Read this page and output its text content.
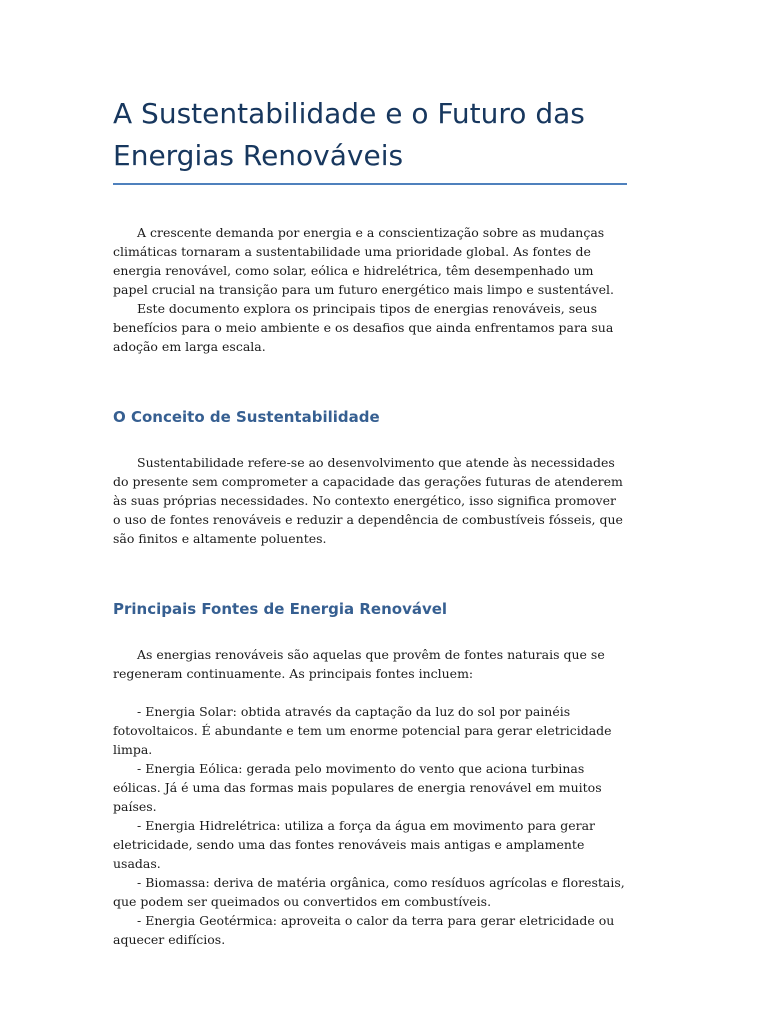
A Sustentabilidade e o Futuro das Energias Renováveis

A crescente demanda por energia e a conscientização sobre as mudanças climáticas tornaram a sustentabilidade uma prioridade global. As fontes de energia renovável, como solar, eólica e hidrelétrica, têm desempenhado um papel crucial na transição para um futuro energético mais limpo e sustentável.

Este documento explora os principais tipos de energias renováveis, seus benefícios para o meio ambiente e os desafios que ainda enfrentamos para sua adoção em larga escala.

O Conceito de Sustentabilidade

Sustentabilidade refere-se ao desenvolvimento que atende às necessidades do presente sem comprometer a capacidade das gerações futuras de atenderem às suas próprias necessidades. No contexto energético, isso significa promover o uso de fontes renováveis e reduzir a dependência de combustíveis fósseis, que são finitos e altamente poluentes.

Principais Fontes de Energia Renovável

As energias renováveis são aquelas que provêm de fontes naturais que se regeneram continuamente. As principais fontes incluem:

- Energia Solar: obtida através da captação da luz do sol por painéis fotovoltaicos. É abundante e tem um enorme potencial para gerar eletricidade limpa.

- Energia Eólica: gerada pelo movimento do vento que aciona turbinas eólicas. Já é uma das formas mais populares de energia renovável em muitos países.

- Energia Hidrelétrica: utiliza a força da água em movimento para gerar eletricidade, sendo uma das fontes renováveis mais antigas e amplamente usadas.

- Biomassa: deriva de matéria orgânica, como resíduos agrícolas e florestais, que podem ser queimados ou convertidos em combustíveis.

- Energia Geotérmica: aproveita o calor da terra para gerar eletricidade ou aquecer edifícios.
